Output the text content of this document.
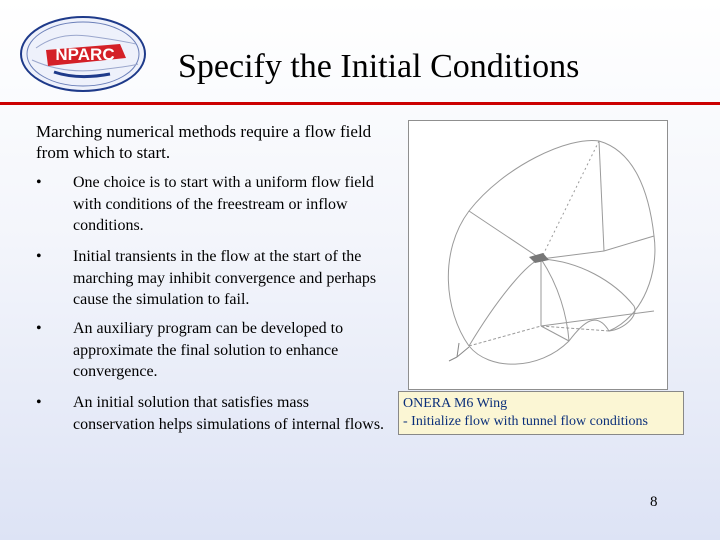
NPARC Specify the Initial Conditions
Marching numerical methods require a flow field from which to start.
• One choice is to start with a uniform flow field with conditions of the freestream or inflow conditions.
• Initial transients in the flow at the start of the marching may inhibit convergence and perhaps cause the simulation to fail.
• An auxiliary program can be developed to approximate the final solution to enhance convergence.
• An initial solution that satisfies mass conservation helps simulations of internal flows.
ONERA M6 Wing
- Initialize flow with tunnel flow conditions
8
